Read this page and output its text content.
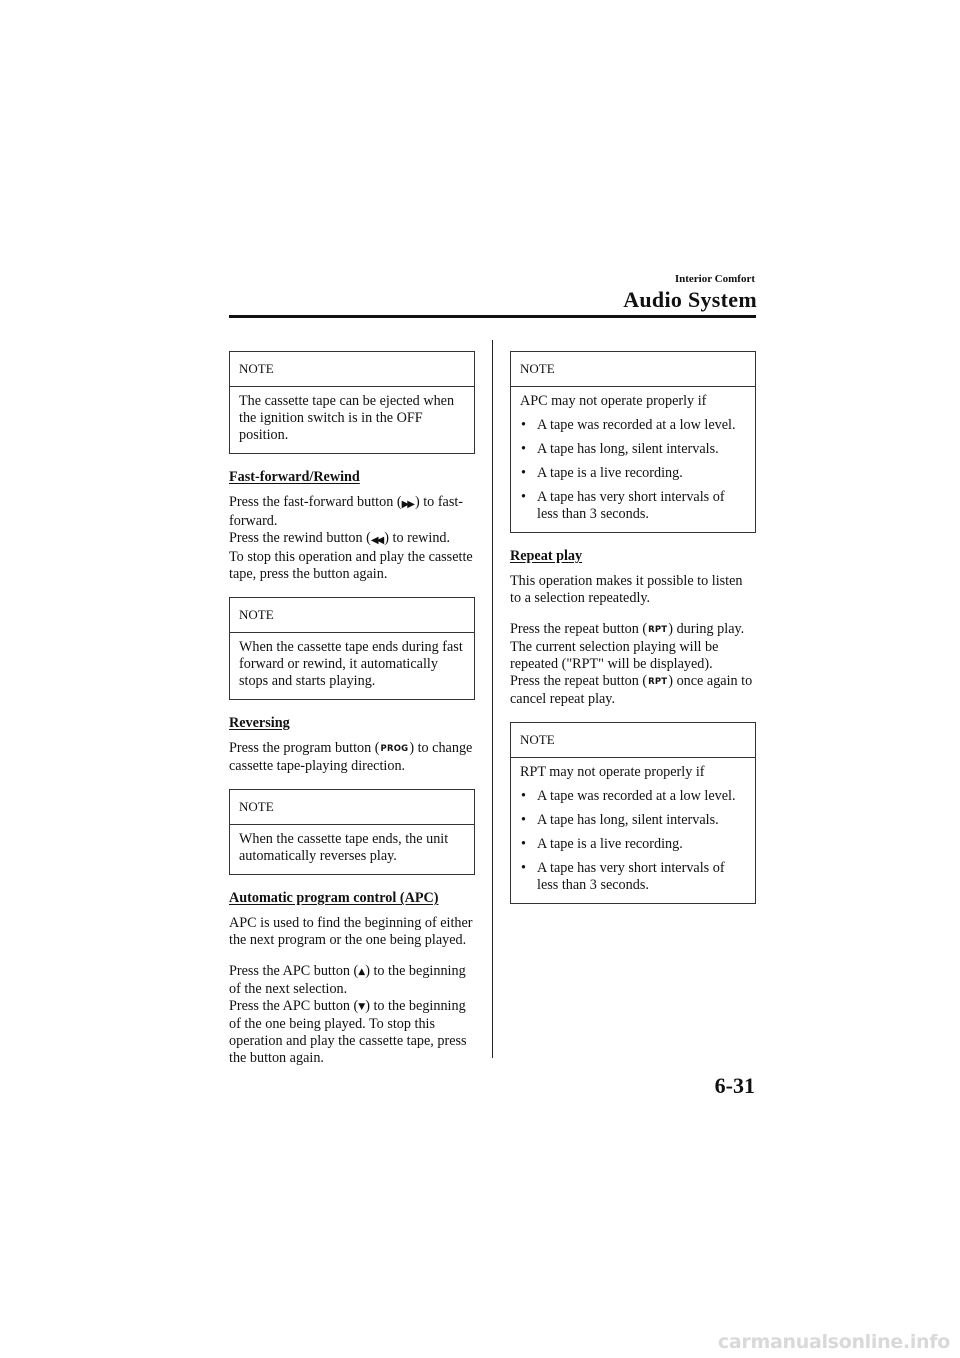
Interior Comfort
Audio System
NOTE
The cassette tape can be ejected when the ignition switch is in the OFF position.
Fast-forward/Rewind
Press the fast-forward button (▶▶ ) to fast-forward.
Press the rewind button (◀◀ ) to rewind.
To stop this operation and play the cassette tape, press the button again.
NOTE
When the cassette tape ends during fast forward or rewind, it automatically stops and starts playing.
Reversing
Press the program button (PROG) to change cassette tape-playing direction.
NOTE
When the cassette tape ends, the unit automatically reverses play.
Automatic program control (APC)
APC is used to find the beginning of either the next program or the one being played.
Press the APC button (▲) to the beginning of the next selection.
Press the APC button (▼) to the beginning of the one being played. To stop this operation and play the cassette tape, press the button again.
NOTE
APC may not operate properly if
• A tape was recorded at a low level.
• A tape has long, silent intervals.
• A tape is a live recording.
• A tape has very short intervals of less than 3 seconds.
Repeat play
This operation makes it possible to listen to a selection repeatedly.
Press the repeat button (RPT) during play. The current selection playing will be repeated ("RPT" will be displayed).
Press the repeat button (RPT) once again to cancel repeat play.
NOTE
RPT may not operate properly if
• A tape was recorded at a low level.
• A tape has long, silent intervals.
• A tape is a live recording.
• A tape has very short intervals of less than 3 seconds.
6-31
carmanualsonline.info
